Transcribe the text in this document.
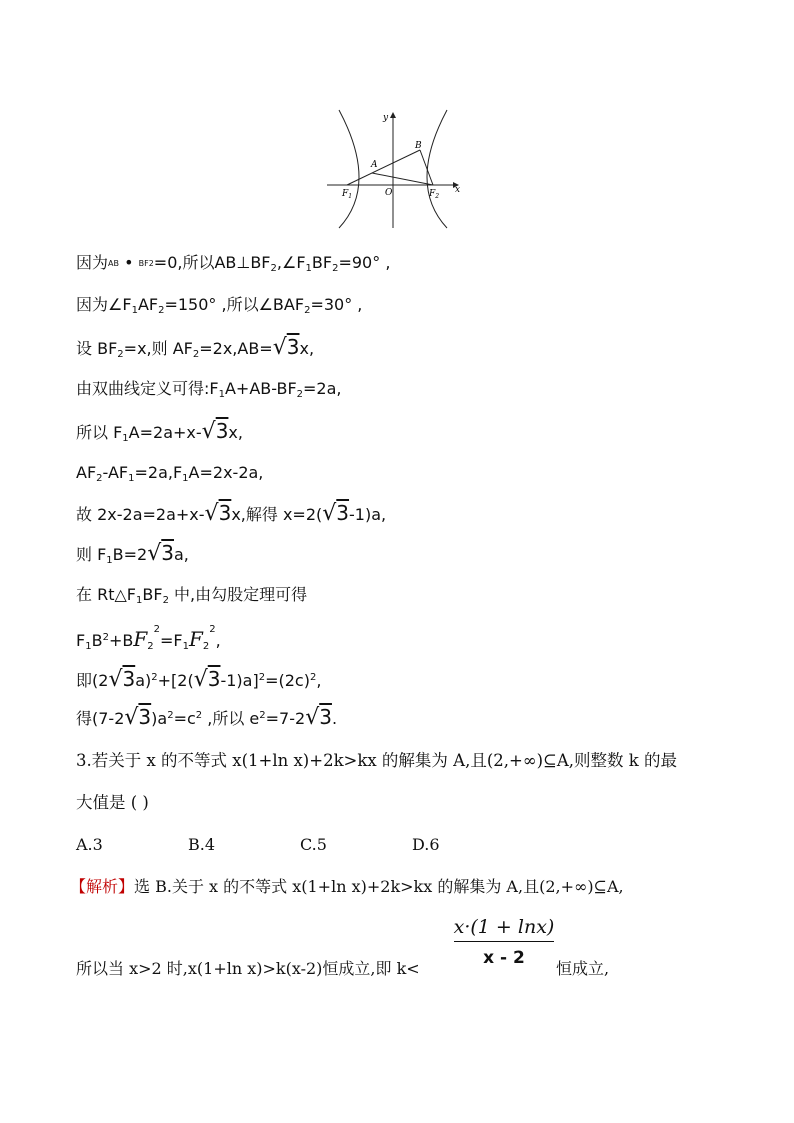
y
x
A
B
O
$F_1$	$F_2$
因为AB • BF2=0,所以$AB\perp BF_2,\angle F_1BF_2=90^\circ$ ,
因为$\angle F_1AF_2=150^\circ$ ,所以$\angle BAF_2=30^\circ$ ,
设 $BF_2=x$,则 $AF_2=2x,AB=√3x$,
由双曲线定义可得$:F_1A+AB-BF_2=2a$,
所以 $F_1A=2a+x-√3x$,
$AF_2-AF_1=2a,F_1A=2x-2a$,
故 2x-2a=2a+x-√3x,解得 x=2(√3-1)a,
则 $F_1B=2√3a$,
在 $Rt\triangle F_1BF_2$ 中,由勾股定理可得
$F_1B^2+BF_2^2=F_1F_2^2$,
即$(2√3a)^2+[2(√3-1)a]^2=(2c)^2$,
得$(7-2√3)a^2=c^2$ ,所以 $e^2=7-2√3$.
3.若关于 x 的不等式 x(1+ln x)+2k>kx 的解集为 A,且(2,+∞)⊆A,则整数 k 的最
大值是 ( )
A.3	B.4	C.5	D.6
【解析】选 B.关于 x 的不等式 x(1+ln x)+2k>kx 的解集为 A,且(2,+∞)⊆A,
所以当 x>2 时,x(1+ln x)>k(x-2)恒成立,即 k<
x·(1 + lnx)
x - 2
恒成立,
